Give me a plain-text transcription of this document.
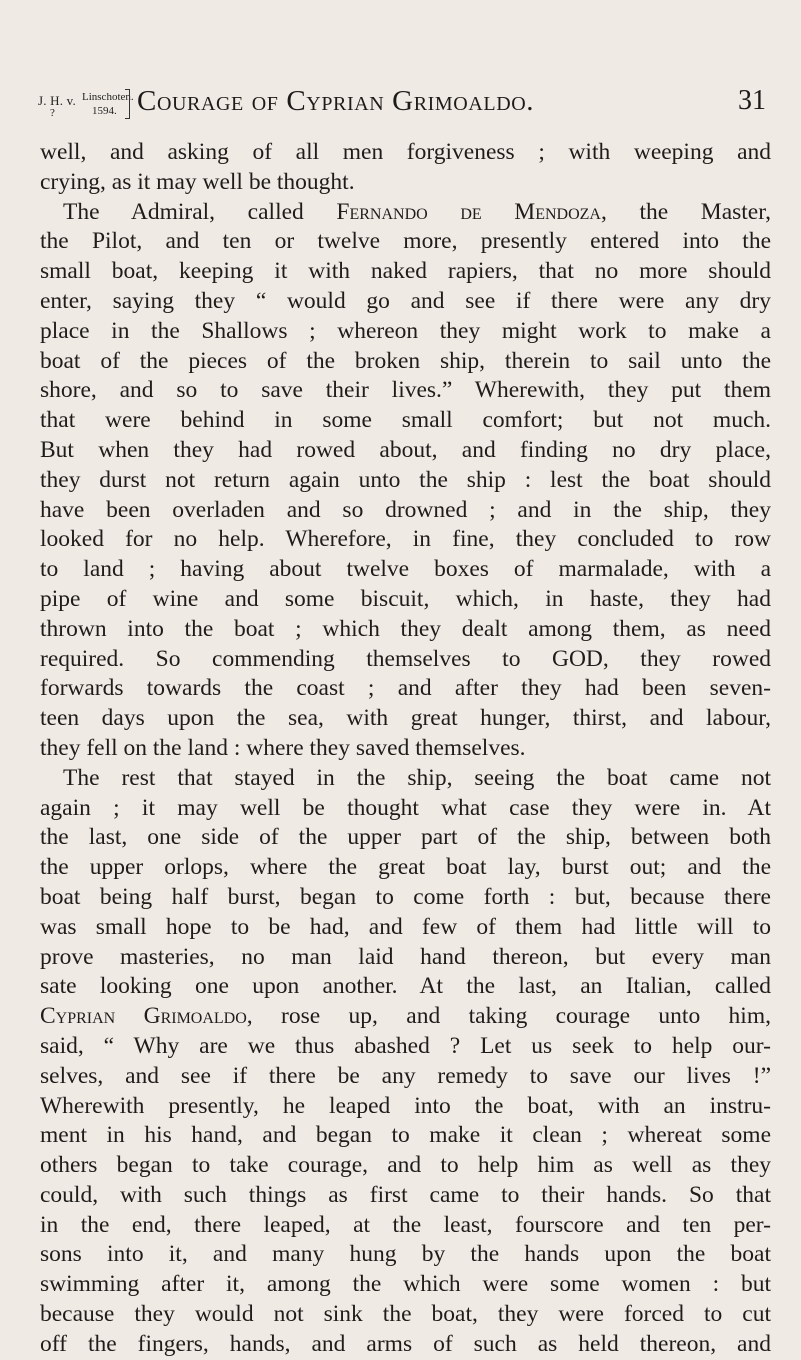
J. H. v.
?
Linschoten.
1594. Courage of Cyprian Grimoaldo.	31
well, and asking of all men forgiveness ; with weeping and
crying, as it may well be thought.
The Admiral, called Fernando de Mendoza, the Master,
the Pilot, and ten or twelve more, presently entered into the
small boat, keeping it with naked rapiers, that no more should
enter, saying they “ would go and see if there were any dry
place in the Shallows ; whereon they might work to make a
boat of the pieces of the broken ship, therein to sail unto the
shore, and so to save their lives.” Wherewith, they put them
that were behind in some small comfort; but not much.
But when they had rowed about, and finding no dry place,
they durst not return again unto the ship : lest the boat should
have been overladen and so drowned ; and in the ship, they
looked for no help. Wherefore, in fine, they concluded to row
to land ; having about twelve boxes of marmalade, with a
pipe of wine and some biscuit, which, in haste, they had
thrown into the boat ; which they dealt among them, as need
required. So commending themselves to GOD, they rowed
forwards towards the coast ; and after they had been seven-
teen days upon the sea, with great hunger, thirst, and labour,
they fell on the land : where they saved themselves.
The rest that stayed in the ship, seeing the boat came not
again ; it may well be thought what case they were in. At
the last, one side of the upper part of the ship, between both
the upper orlops, where the great boat lay, burst out; and the
boat being half burst, began to come forth : but, because there
was small hope to be had, and few of them had little will to
prove masteries, no man laid hand thereon, but every man
sate looking one upon another. At the last, an Italian, called
Cyprian Grimoaldo, rose up, and taking courage unto him,
said, “ Why are we thus abashed ? Let us seek to help our-
selves, and see if there be any remedy to save our lives !”
Wherewith presently, he leaped into the boat, with an instru-
ment in his hand, and began to make it clean ; whereat some
others began to take courage, and to help him as well as they
could, with such things as first came to their hands. So that
in the end, there leaped, at the least, fourscore and ten per-
sons into it, and many hung by the hands upon the boat
swimming after it, among the which were some women : but
because they would not sink the boat, they were forced to cut
off the fingers, hands, and arms of such as held thereon, and
